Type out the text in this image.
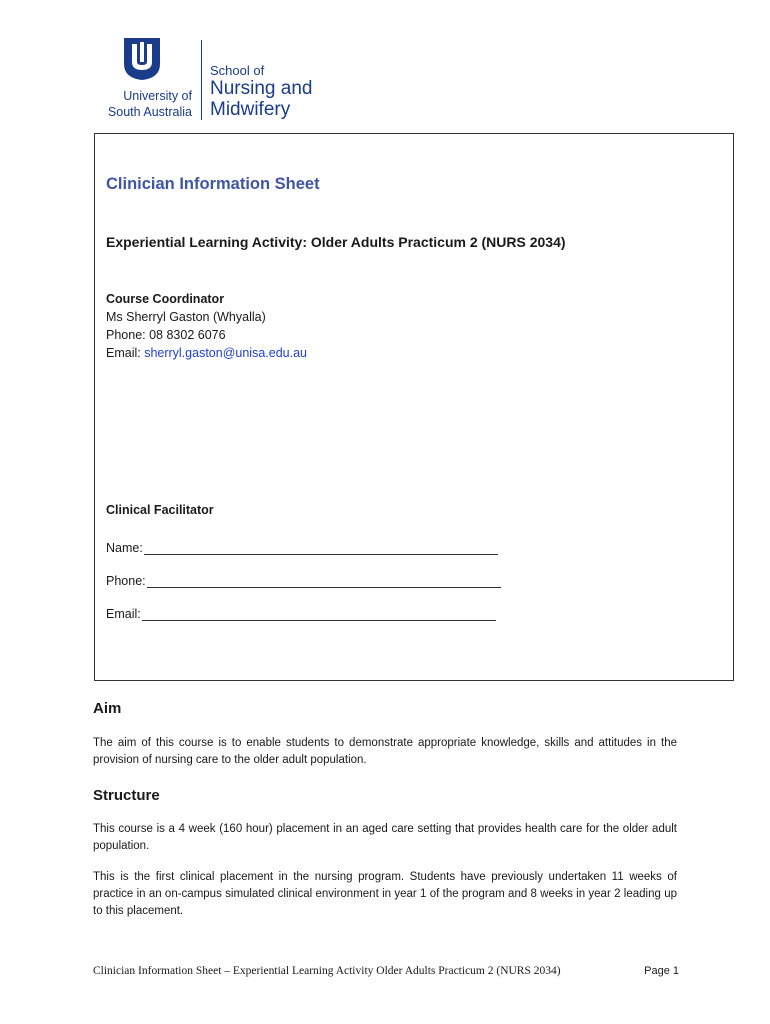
University of
South Australia
School of
Nursing and
Midwifery
Clinician Information Sheet
Experiential Learning Activity: Older Adults Practicum 2 (NURS 2034)
Course Coordinator
Ms Sherryl Gaston (Whyalla)
Phone: 08 8302 6076
Email: sherryl.gaston@unisa.edu.au
Clinical Facilitator
Name:
Phone:
Email:
Aim
The aim of this course is to enable students to demonstrate appropriate knowledge, skills and attitudes in the provision of nursing care to the older adult population.
Structure
This course is a 4 week (160 hour) placement in an aged care setting that provides health care for the older adult population.
This is the first clinical placement in the nursing program. Students have previously undertaken 11 weeks of practice in an on-campus simulated clinical environment in year 1 of the program and 8 weeks in year 2 leading up to this placement.
Clinician Information Sheet – Experiential Learning Activity Older Adults Practicum 2 (NURS 2034)	Page 1
